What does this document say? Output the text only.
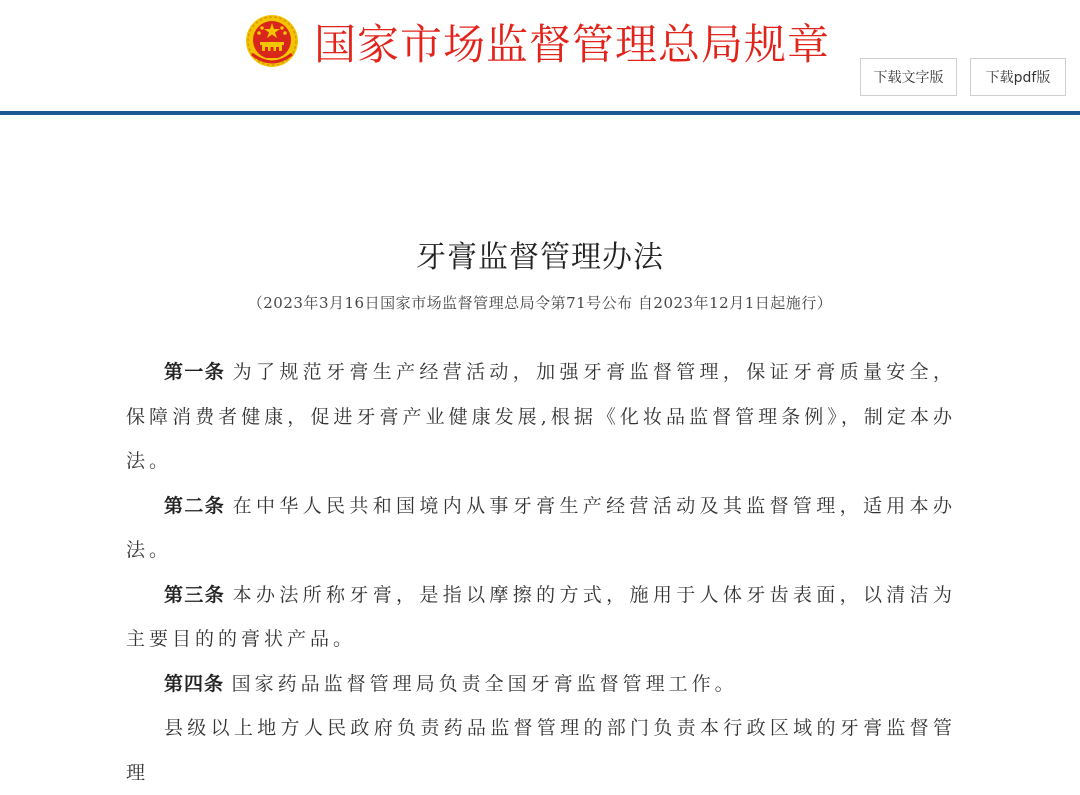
国家市场监督管理总局规章
下载文字版	下载pdf版
牙膏监督管理办法
（2023年3月16日国家市场监督管理总局令第71号公布 自2023年12月1日起施行）

第一条 为了规范牙膏生产经营活动，加强牙膏监督管理，保证牙膏质量安全，保障消费者健康，促进牙膏产业健康发展,根据《化妆品监督管理条例》，制定本办法。

第二条 在中华人民共和国境内从事牙膏生产经营活动及其监督管理，适用本办法。

第三条 本办法所称牙膏，是指以摩擦的方式，施用于人体牙齿表面，以清洁为主要目的的膏状产品。

第四条 国家药品监督管理局负责全国牙膏监督管理工作。

县级以上地方人民政府负责药品监督管理的部门负责本行政区域的牙膏监督管理
